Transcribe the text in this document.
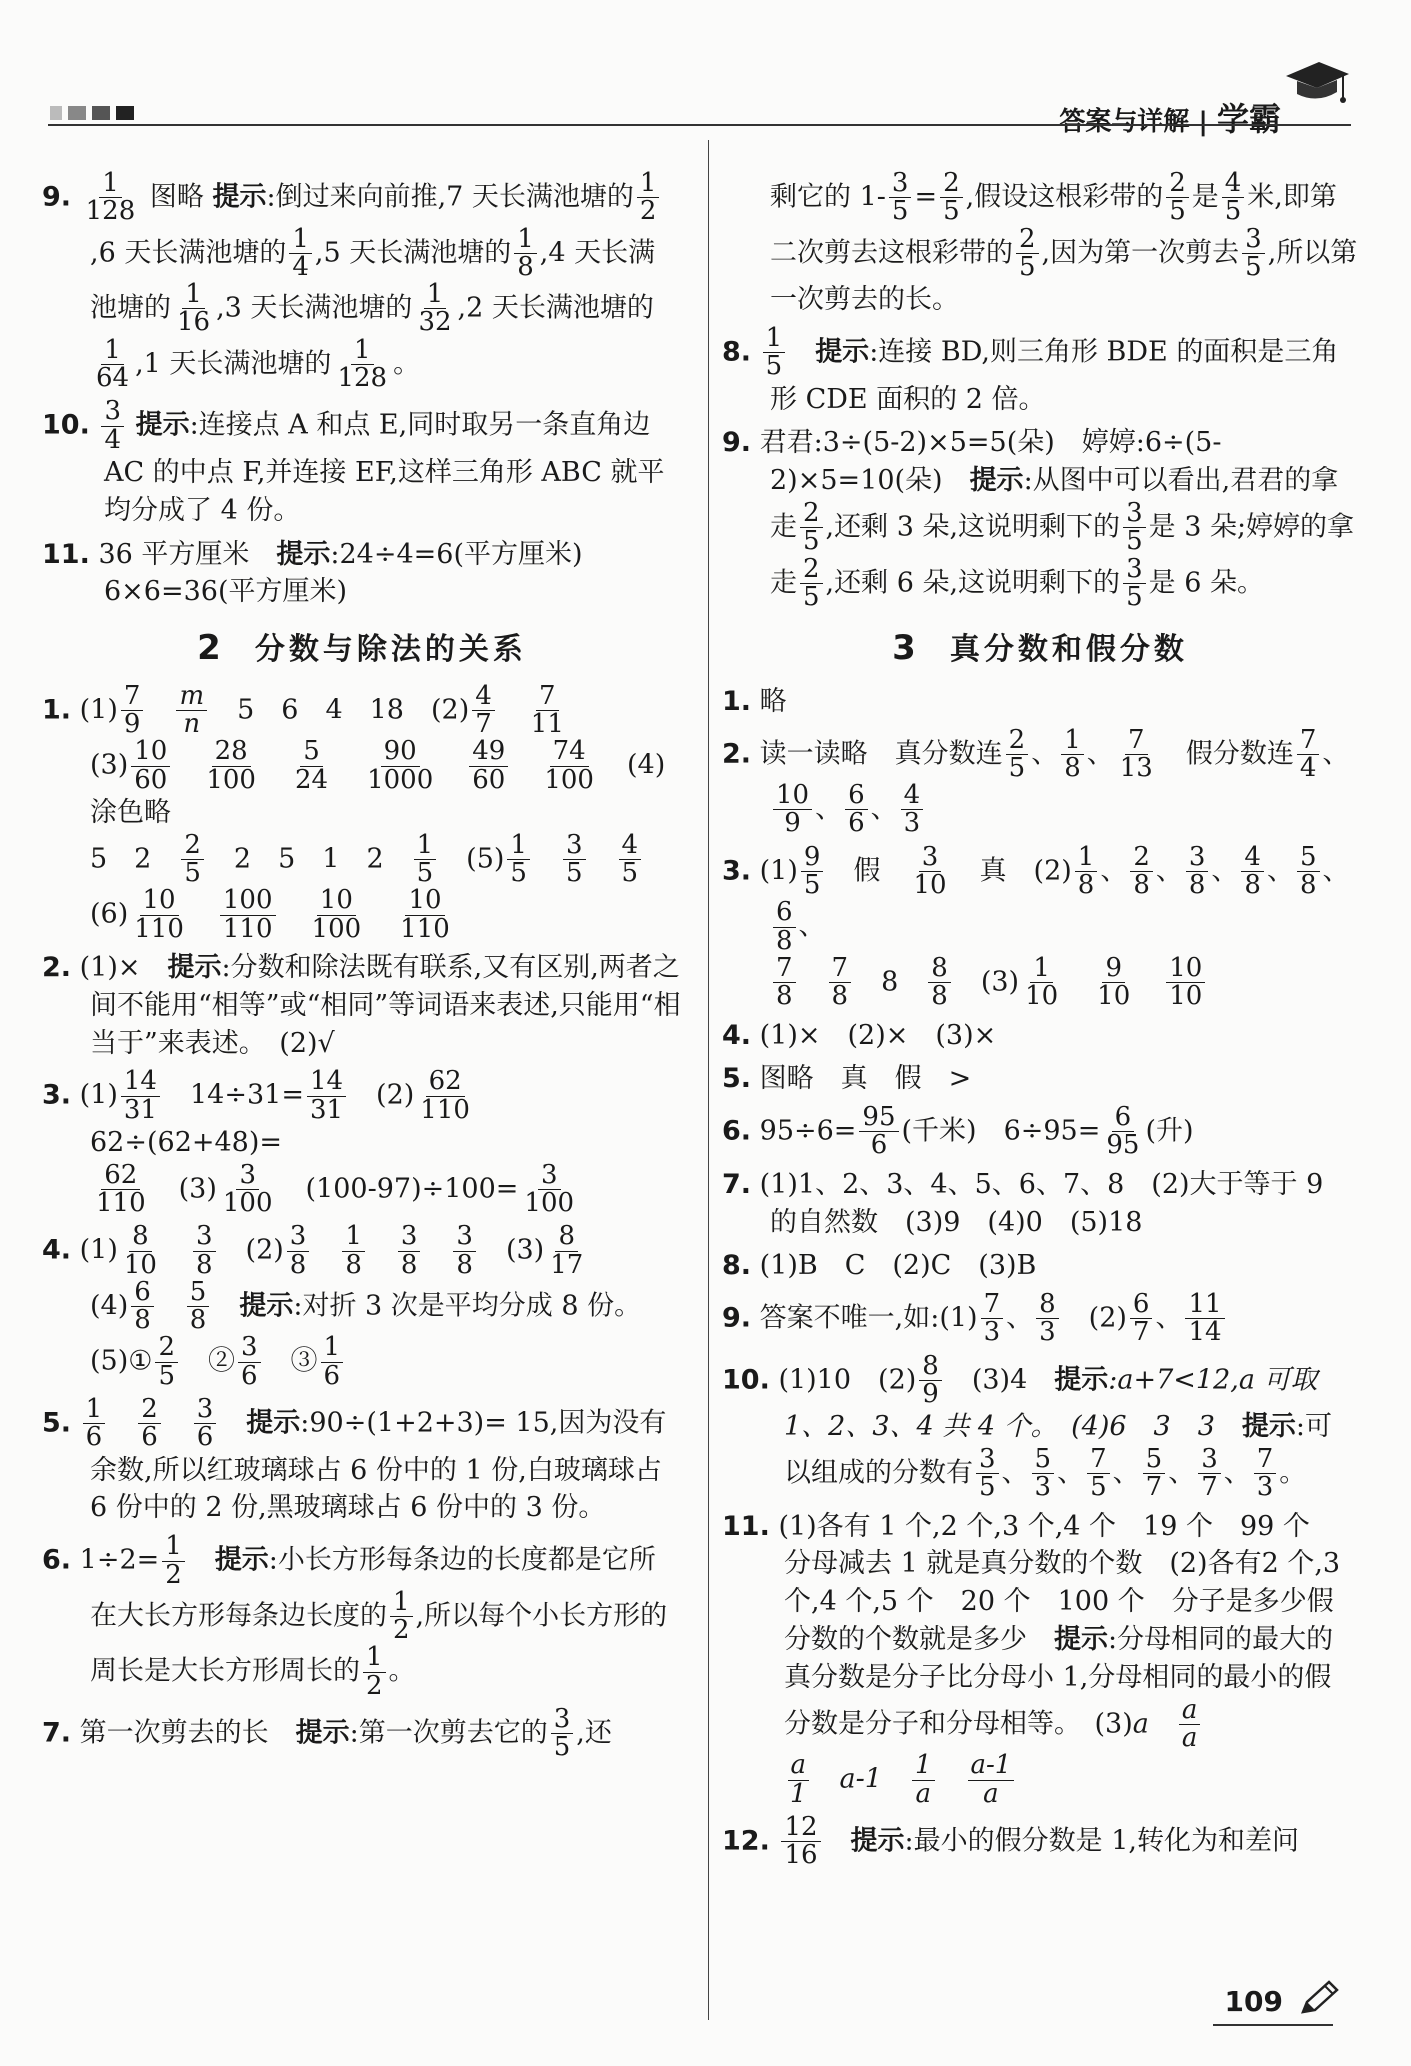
答案与详解 | 学霸
9. $\frac{1}{128}$ 图略 提示:倒过来向前推,7 天长满池塘的 $\frac{1}{2}$
,6 天长满池塘的 $\frac{1}{4} ,5$ 天长满池塘的 $\frac{1}{8} ,4$ 天长满池塘的 $\frac{1}{16} ,3$ 天长满池塘的 $\frac{1}{32} ,2$ 天长满池塘的
$\frac{1}{64} ,1$ 天长满池塘的 $\frac{1}{128}$ 。
10. $\frac{3}{4}$ 提示:连接点 A 和点 E,同时取另一条直角边 AC 的中点 F,并连接 EF,这样三角形 ABC 就平均分成了 4 份。
11. 36 平方厘米　 提示:24÷4=6(平方厘米)　6×6=36(平方厘米)
2 分数与除法的关系
1. $(1) \frac{7}{9}$
　 $\frac{m}{n}$
　 5　6　4　18　$(2) \frac{4}{7}$
　 $\frac{7}{11}$

$(3) \frac{10}{60}$
　 $\frac{28}{100}$
　 $\frac{5}{24}$
　 $\frac{90}{1000}$
　 $\frac{49}{60}$
　 $\frac{74}{100}$
　 (4)涂色略
5　2　 $\frac{2}{5}$
　 2　5　1　2　 $\frac{1}{5}$
　 $(5) \frac{1}{5}$
　 $\frac{3}{5}$
　 $\frac{4}{5}$

$(6) \frac{10}{110}$
　 $\frac{100}{110}$
　 $\frac{10}{100}$
　 $\frac{10}{110}$
2. (1)×　 提示:分数和除法既有联系,又有区别,两者之间不能用“相等”或“相同”等词语来表述,只能用“相当于”来表述。　(2)√
3. $(1) \frac{14}{31}$
　 $14\div 31= \frac{14}{31}$
　 $(2) \frac{62}{110}$
　62÷(62+48)=

$\frac{62}{110}$
　 $(3) \frac{3}{100}$
　 $(100-97)\div 100= \frac{3}{100}$
4. $(1) \frac{8}{10}$
　 $\frac{3}{8}$
　 $(2) \frac{3}{8}$
　 $\frac{1}{8}$
　 $\frac{3}{8}$
　 $\frac{3}{8}$
　 $(3) \frac{8}{17}$

$(4) \frac{6}{8}$
　 $\frac{5}{8}$
　 提示:对折 3 次是平均分成 8 份。
(5)① $\frac{2}{5}$
　 ② $\frac{3}{6}$
　 ③ $\frac{1}{6}$
5. $\frac{1}{6}$
　 $\frac{2}{6}$
　 $\frac{3}{6}$
　 提示:90÷(1+2+3)= 15,因为没有余数,所以红玻璃球占 6 份中的 1 份,白玻璃球占 6 份中的 2 份,黑玻璃球占 6 份中的 3 份。
6. $1\div 2= \frac{1}{2}$
　 提示:小长方形每条边的长度都是它所在大长方形每条边长度的 $\frac{1}{2}$ ,所以每个小长方形的周长是大长方形周长的 $\frac{1}{2}$ 。
7. 第一次剪去的长　 提示:第一次剪去它的 $\frac{3}{5}$ ,还
剩它的 $1- \frac{3}{5} = \frac{2}{5}$ ,假设这根彩带的 $\frac{2}{5}$ 是 $\frac{4}{5}$ 米,即第二次剪去这根彩带的 $\frac{2}{5}$ ,因为第一次剪去 $\frac{3}{5}$ ,所以第一次剪去的长。
8. $\frac{1}{5}$
　 提示:连接 BD,则三角形 BDE 的面积是三角形 CDE 面积的 2 倍。
9. 君君:3÷(5-2)×5=5(朵)　婷婷:6÷(5-2)×5=10(朵)　提示:从图中可以看出,君君的拿走 $\frac{2}{5}$ ,还剩 3 朵,这说明剩下的 $\frac{3}{5}$ 是 3 朵;婷婷的拿走 $\frac{2}{5}$ ,还剩 6 朵,这说明剩下的 $\frac{3}{5}$ 是 6 朵。
3 真分数和假分数
1. 略
2. 读一读略　真分数连 $\frac{2}{5}$ 、 $\frac{1}{8}$ 、 $\frac{7}{13}$
　 假分数连 $\frac{7}{4}$ 、
$\frac{10}{9}$ 、 $\frac{6}{6}$ 、 $\frac{4}{3}$
3. $(1) \frac{9}{5}$
　 假　 $\frac{3}{10}$
　 真　$(2) \frac{1}{8}$ 、 $\frac{2}{8}$ 、 $\frac{3}{8}$ 、 $\frac{4}{8}$ 、 $\frac{5}{8}$ 、
$\frac{6}{8}$ 、

$\frac{7}{8}$
　 $\frac{7}{8}$
　 8　 $\frac{8}{8}$
　 $(3) \frac{1}{10}$
　 $\frac{9}{10}$
　 $\frac{10}{10}$
4. (1)×　(2)×　(3)×
5. 图略　真　假　>
6. $95\div 6= \frac{95}{6}$ (千米)　$6\div 95= \frac{6}{95}$ (升)
7. (1)1、2、3、4、5、6、7、8　(2)大于等于 9 的自然数　(3)9　(4)0　(5)18
8. (1)B　C　(2)C　(3)B
9. 答案不唯一,如:(1) $\frac{7}{3}$ 、 $\frac{8}{3}$
　 $(2) \frac{6}{7}$ 、 $\frac{11}{14}$
10. (1)10　$(2) \frac{8}{9}$
　 (3)4　提示:a+7<12,a 可取 1、2、3、4 共 4 个。　(4)6　3　3　提示:可以组成的分数有 $\frac{3}{5}$ 、 $\frac{5}{3}$ 、 $\frac{7}{5}$ 、 $\frac{5}{7}$ 、 $\frac{3}{7}$ 、 $\frac{7}{3}$ 。
11. (1)各有 1 个,2 个,3 个,4 个　19 个　99 个　分母减去 1 就是真分数的个数　(2)各有2 个,3 个,4 个,5 个　20 个　100 个　分子是多少假分数的个数就是多少　提示:分母相同的最大的真分数是分子比分母小 1,分母相同的最小的假分数是分子和分母相等。　(3)a　 $\frac{a}{a}$

$\frac{a}{1}$
　 a-1　 $\frac{1}{a}$
　 $\frac{a-1}{a}$
12. $\frac{12}{16}$
　 提示:最小的假分数是 1,转化为和差问
109
